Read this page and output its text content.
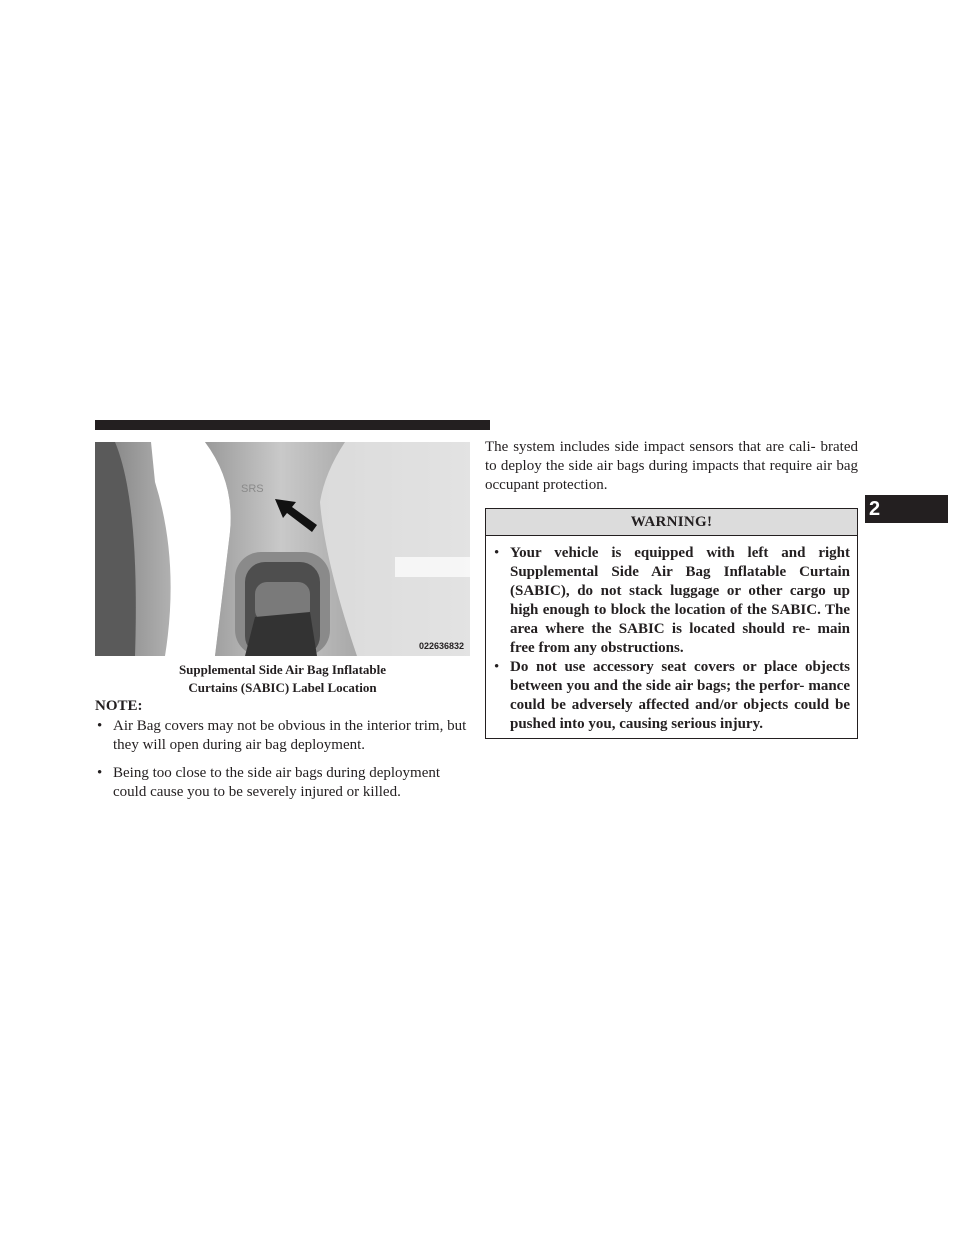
SRS
022636832
Supplemental Side Air Bag Inflatable
Curtains (SABIC) Label Location
NOTE:
• Air Bag covers may not be obvious in the interior trim, but they will open during air bag deployment.
• Being too close to the side air bags during deployment could cause you to be severely injured or killed.
The system includes side impact sensors that are cali- brated to deploy the side air bags during impacts that require air bag occupant protection.
WARNING!
• Your vehicle is equipped with left and right Supplemental Side Air Bag Inflatable Curtain (SABIC), do not stack luggage or other cargo up high enough to block the location of the SABIC. The area where the SABIC is located should re- main free from any obstructions.
• Do not use accessory seat covers or place objects between you and the side air bags; the perfor- mance could be adversely affected and/or objects could be pushed into you, causing serious injury.
2
